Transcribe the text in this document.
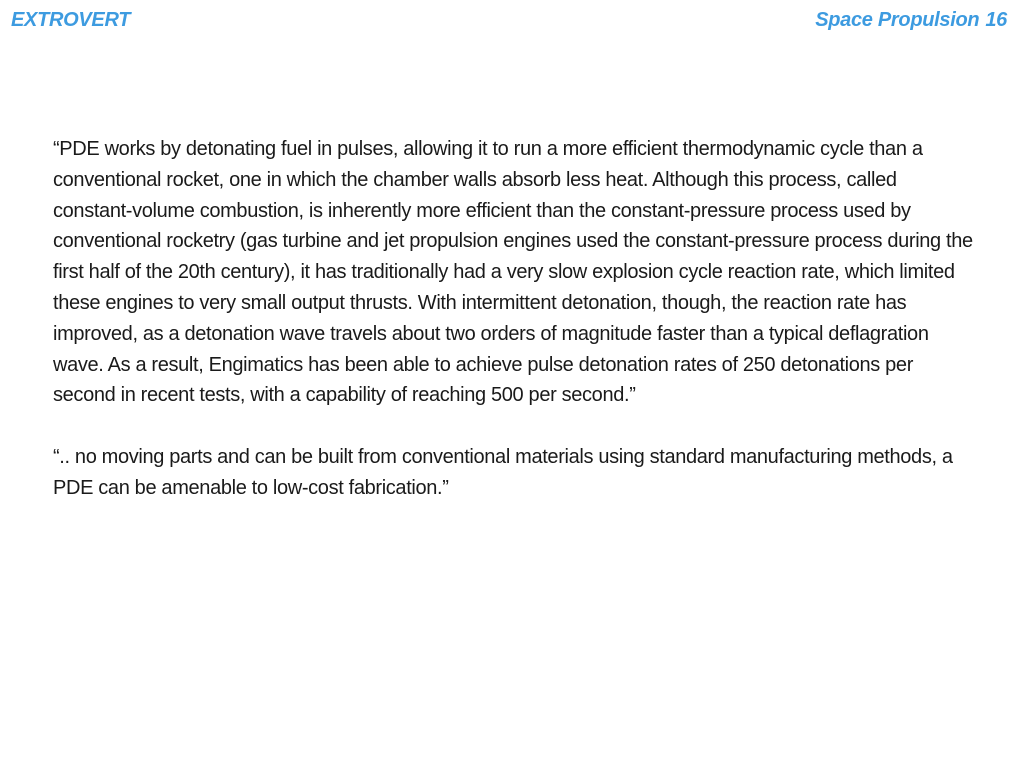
EXTROVERT	Space Propulsion 16

“PDE works by detonating fuel in pulses, allowing it to run a more efficient thermodynamic cycle than a conventional rocket, one in which the chamber walls absorb less heat. Although this process, called constant-volume combustion, is inherently more efficient than the constant-pressure process used by conventional rocketry (gas turbine and jet propulsion engines used the constant-pressure process during the first half of the 20th century), it has traditionally had a very slow explosion cycle reaction rate, which limited these engines to very small output thrusts. With intermittent detonation, though, the reaction rate has improved, as a detonation wave travels about two orders of magnitude faster than a typical deflagration wave. As a result, Engimatics has been able to achieve pulse detonation rates of 250 detonations per second in recent tests, with a capability of reaching 500 per second.”

“.. no moving parts and can be built from conventional materials using standard manufacturing methods, a PDE can be amenable to low-cost fabrication.”
